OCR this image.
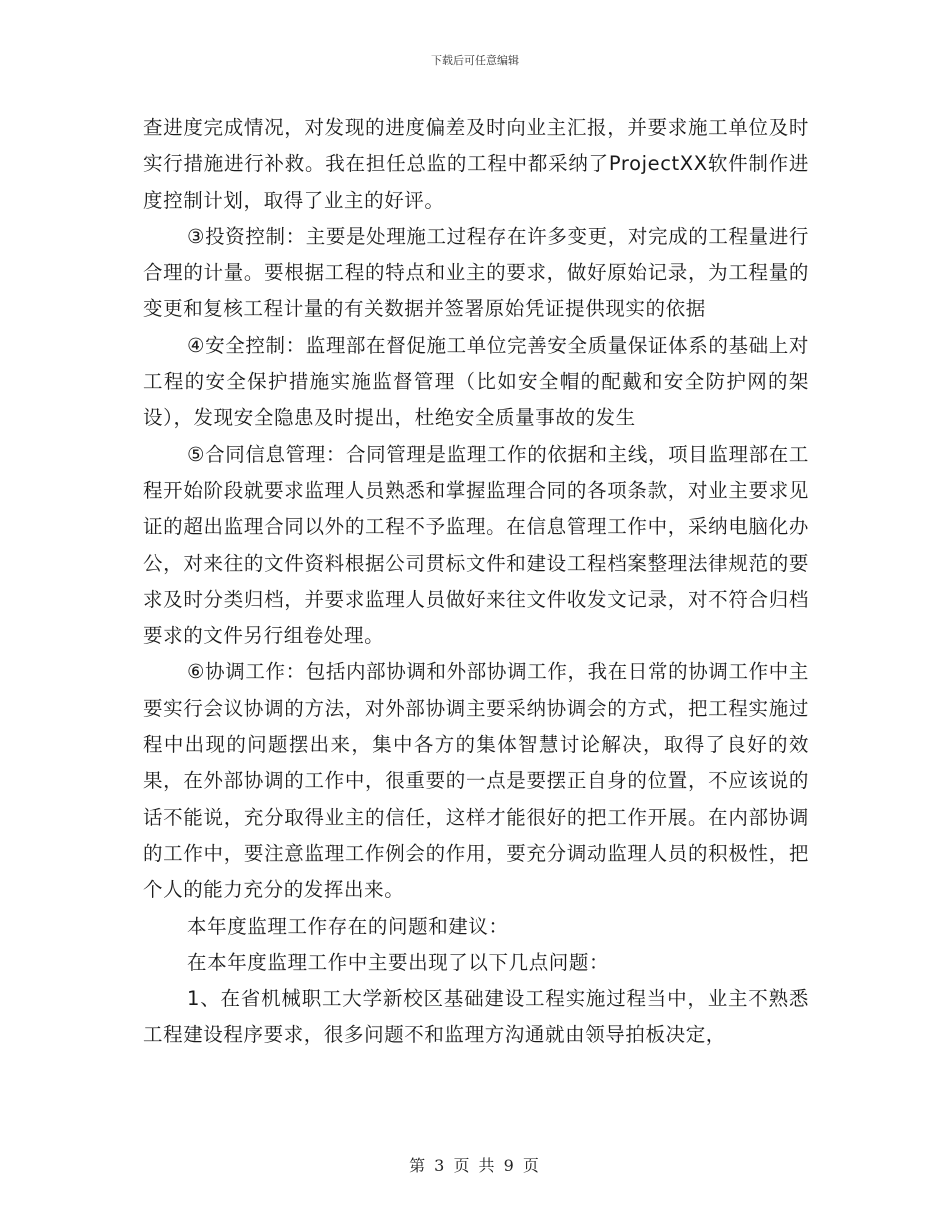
下载后可任意编辑

查进度完成情况，对发现的进度偏差及时向业主汇报，并要求施工单位及时实行措施进行补救。我在担任总监的工程中都采纳了ProjectXX软件制作进度控制计划，取得了业主的好评。

③投资控制：主要是处理施工过程存在许多变更，对完成的工程量进行合理的计量。要根据工程的特点和业主的要求，做好原始记录，为工程量的变更和复核工程计量的有关数据并签署原始凭证提供现实的依据

④安全控制：监理部在督促施工单位完善安全质量保证体系的基础上对工程的安全保护措施实施监督管理（比如安全帽的配戴和安全防护网的架设），发现安全隐患及时提出，杜绝安全质量事故的发生

⑤合同信息管理：合同管理是监理工作的依据和主线，项目监理部在工程开始阶段就要求监理人员熟悉和掌握监理合同的各项条款，对业主要求见证的超出监理合同以外的工程不予监理。在信息管理工作中，采纳电脑化办公，对来往的文件资料根据公司贯标文件和建设工程档案整理法律规范的要求及时分类归档，并要求监理人员做好来往文件收发文记录，对不符合归档要求的文件另行组卷处理。

⑥协调工作：包括内部协调和外部协调工作，我在日常的协调工作中主要实行会议协调的方法，对外部协调主要采纳协调会的方式，把工程实施过程中出现的问题摆出来，集中各方的集体智慧讨论解决，取得了良好的效果，在外部协调的工作中，很重要的一点是要摆正自身的位置，不应该说的话不能说，充分取得业主的信任，这样才能很好的把工作开展。在内部协调的工作中，要注意监理工作例会的作用，要充分调动监理人员的积极性，把个人的能力充分的发挥出来。

本年度监理工作存在的问题和建议：

在本年度监理工作中主要出现了以下几点问题：

1、在省机械职工大学新校区基础建设工程实施过程当中，业主不熟悉工程建设程序要求，很多问题不和监理方沟通就由领导拍板决定，

第 3 页 共 9 页
